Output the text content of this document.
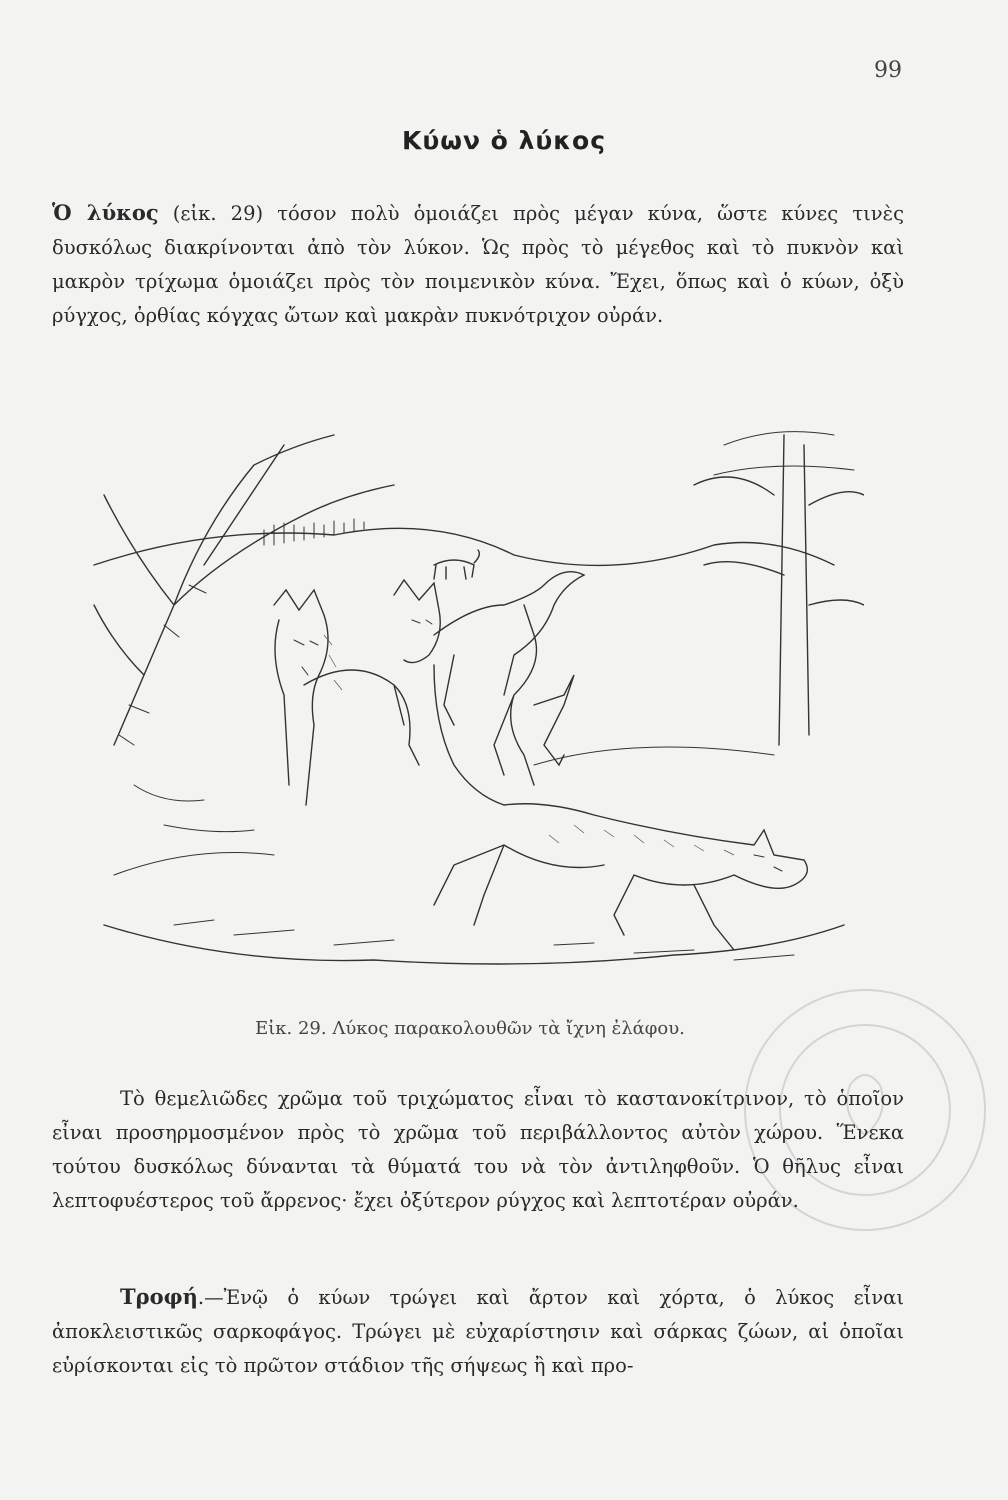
99
Κύων ὁ λύκος
Ὁ λύκος (εἰκ. 29) τόσον πολὺ ὁμοιάζει πρὸς μέγαν κύνα, ὥστε κύνες τινὲς δυσκόλως διακρίνονται ἀπὸ τὸν λύκον. Ὡς πρὸς τὸ μέγεθος καὶ τὸ πυκνὸν καὶ μακρὸν τρίχωμα ὁμοιάζει πρὸς τὸν ποιμενικὸν κύνα. Ἔχει, ὅπως καὶ ὁ κύων, ὀξὺ ρύγχος, ὀρθίας κόγχας ὤτων καὶ μακρὰν πυκνότριχον οὐράν.
Εἰκ. 29. Λύκος παρακολουθῶν τὰ ἴχνη ἐλάφου.
Τὸ θεμελιῶδες χρῶμα τοῦ τριχώματος εἶναι τὸ καστανοκίτρινον, τὸ ὁποῖον εἶναι προσηρμοσμένον πρὸς τὸ χρῶμα τοῦ περιβάλλοντος αὐτὸν χώρου. Ἕνεκα τούτου δυσκόλως δύνανται τὰ θύματά του νὰ τὸν ἀντιληφθοῦν. Ὁ θῆλυς εἶναι λεπτοφυέστερος τοῦ ἄρρενος· ἔχει ὀξύτερον ρύγχος καὶ λεπτοτέραν οὐράν.
Τροφή.—Ἐνῷ ὁ κύων τρώγει καὶ ἄρτον καὶ χόρτα, ὁ λύκος εἶναι ἀποκλειστικῶς σαρκοφάγος. Τρώγει μὲ εὐχαρίστησιν καὶ σάρκας ζώων, αἱ ὁποῖαι εὑρίσκονται εἰς τὸ πρῶτον στάδιον τῆς σήψεως ἢ καὶ προ-
